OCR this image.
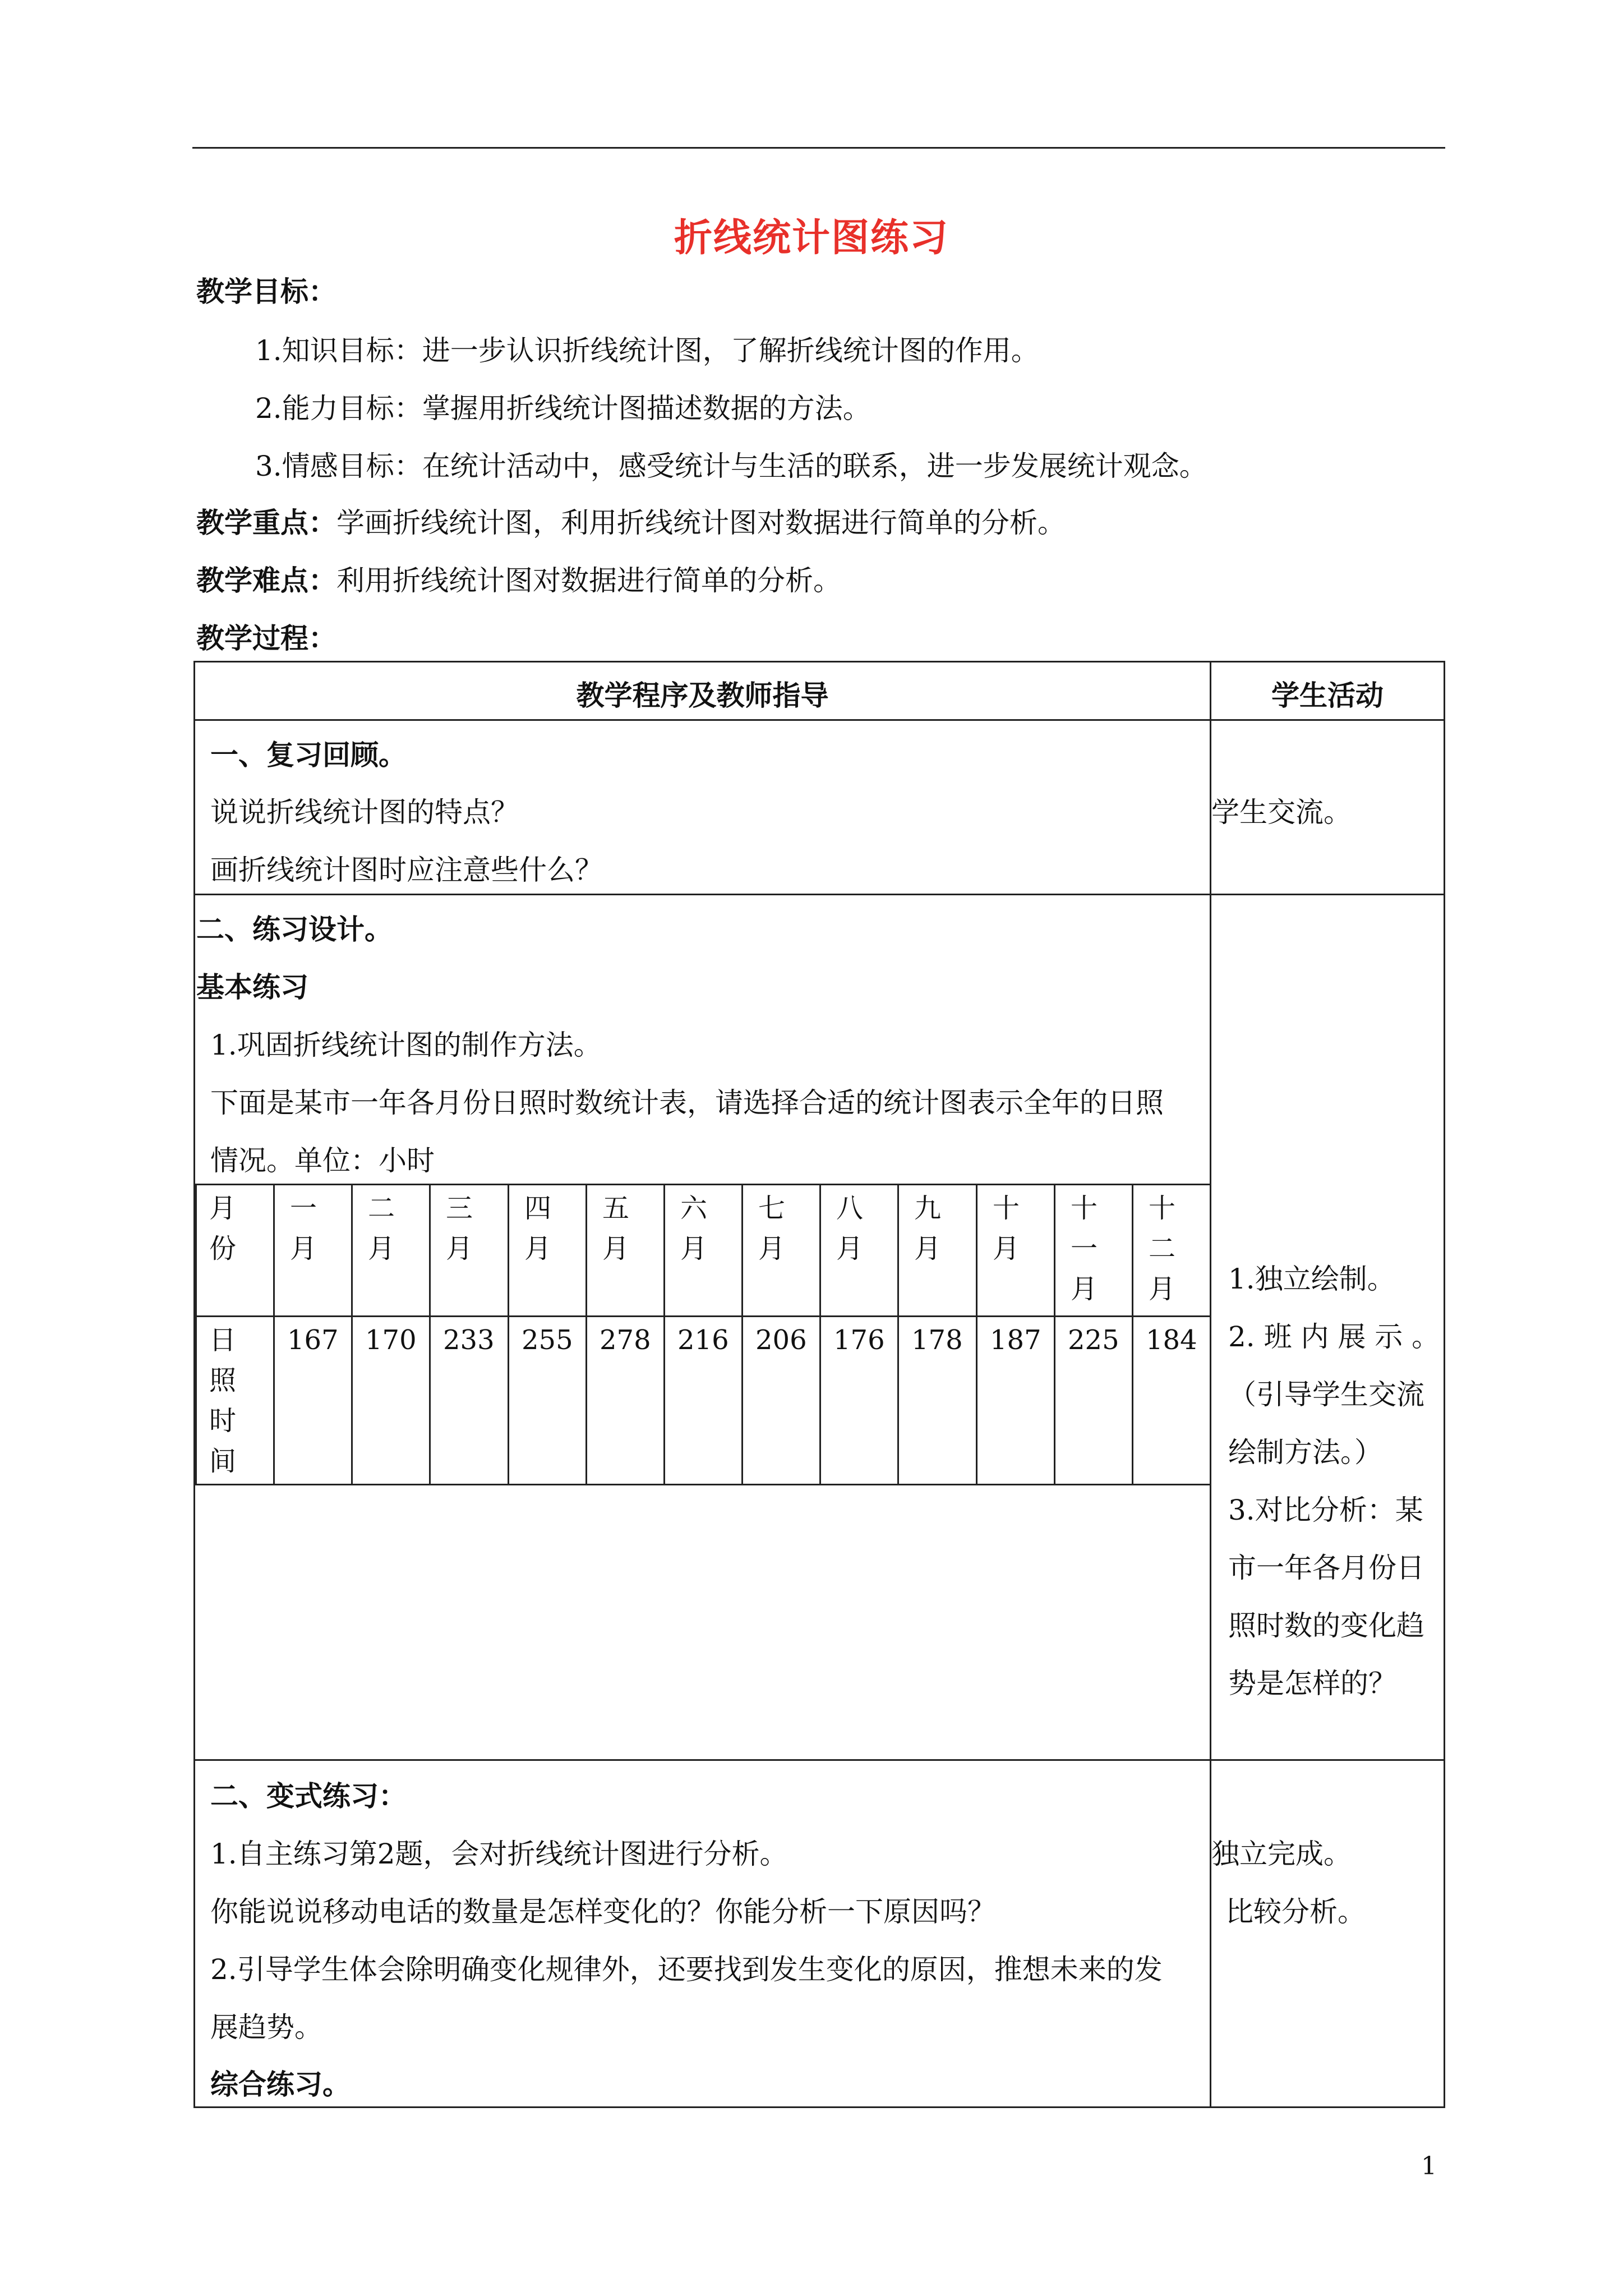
折线统计图练习
教学目标：
1.知识目标：进一步认识折线统计图，了解折线统计图的作用。
2.能力目标：掌握用折线统计图描述数据的方法。
3.情感目标：在统计活动中，感受统计与生活的联系，进一步发展统计观念。
教学重点：学画折线统计图，利用折线统计图对数据进行简单的分析。
教学难点：利用折线统计图对数据进行简单的分析。
教学过程：
教学程序及教师指导	学生活动
一、复习回顾。
说说折线统计图的特点？
画折线统计图时应注意些什么？
学生交流。
二、练习设计。
基本练习
1.巩固折线统计图的制作方法。
下面是某市一年各月份日照时数统计表，请选择合适的统计图表示全年的日照
情况。单位：小时
1.独立绘制。
2. 班 内 展 示 。
（引导学生交流
绘制方法。）
3.对比分析：某
市一年各月份日
照时数的变化趋
势是怎样的？
二、变式练习：
1.自主练习第2题，会对折线统计图进行分析。
你能说说移动电话的数量是怎样变化的？你能分析一下原因吗？
2.引导学生体会除明确变化规律外，还要找到发生变化的原因，推想未来的发
展趋势。
综合练习。
独立完成。
比较分析。
月
份
日
照
时
间
一
月
二
月
三
月
四
月
五
月
六
月
七
月
八
月
九
月
十
月
十
一
月
十
二
月
167 170 233 255 278 216 206 176 178 187 225 184
1
